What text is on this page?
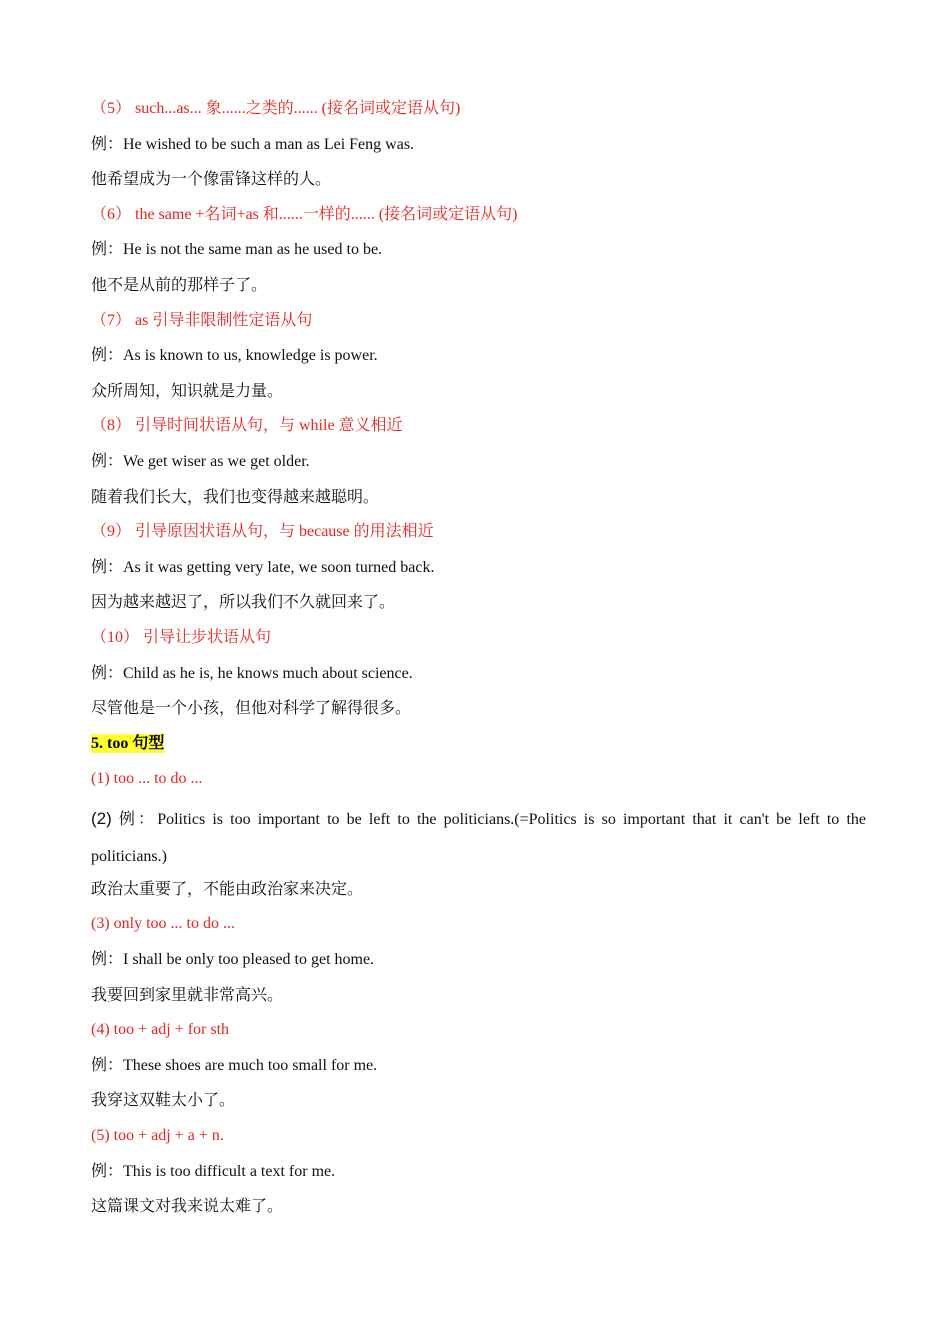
（5） such...as... 象......之类的...... (接名词或定语从句)
例：He wished to be such a man as Lei Feng was.
他希望成为一个像雷锋这样的人。
（6） the same +名词+as 和......一样的...... (接名词或定语从句)
例：He is not the same man as he used to be.
他不是从前的那样子了。
（7） as 引导非限制性定语从句
例：As is known to us, knowledge is power.
众所周知，知识就是力量。
（8） 引导时间状语从句，与 while 意义相近
例：We get wiser as we get older.
随着我们长大，我们也变得越来越聪明。
（9） 引导原因状语从句，与 because 的用法相近
例：As it was getting very late, we soon turned back.
因为越来越迟了，所以我们不久就回来了。
（10） 引导让步状语从句
例：Child as he is, he knows much about science.
尽管他是一个小孩，但他对科学了解得很多。
5. too 句型
(1) too ... to do ...
(2) 例：Politics is too important to be left to the politicians.(=Politics is so important that it can't be left to the politicians.)
政治太重要了，不能由政治家来决定。
(3) only too ... to do ...
例：I shall be only too pleased to get home.
我要回到家里就非常高兴。
(4) too + adj + for sth
例：These shoes are much too small for me.
我穿这双鞋太小了。
(5) too + adj + a + n.
例：This is too difficult a text for me.
这篇课文对我来说太难了。
